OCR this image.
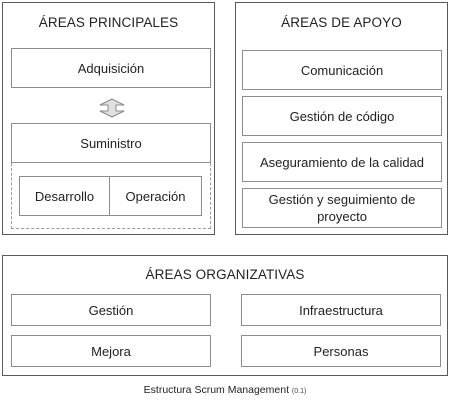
ÁREAS PRINCIPALES
Adquisición
Suministro
Desarrollo	Operación
ÁREAS DE APOYO
Comunicación
Gestión de código
Aseguramiento de la calidad
Gestión y seguimiento de proyecto
ÁREAS ORGANIZATIVAS
Gestión	Infraestructura
Mejora	Personas
Estructura Scrum Management (0.1)
